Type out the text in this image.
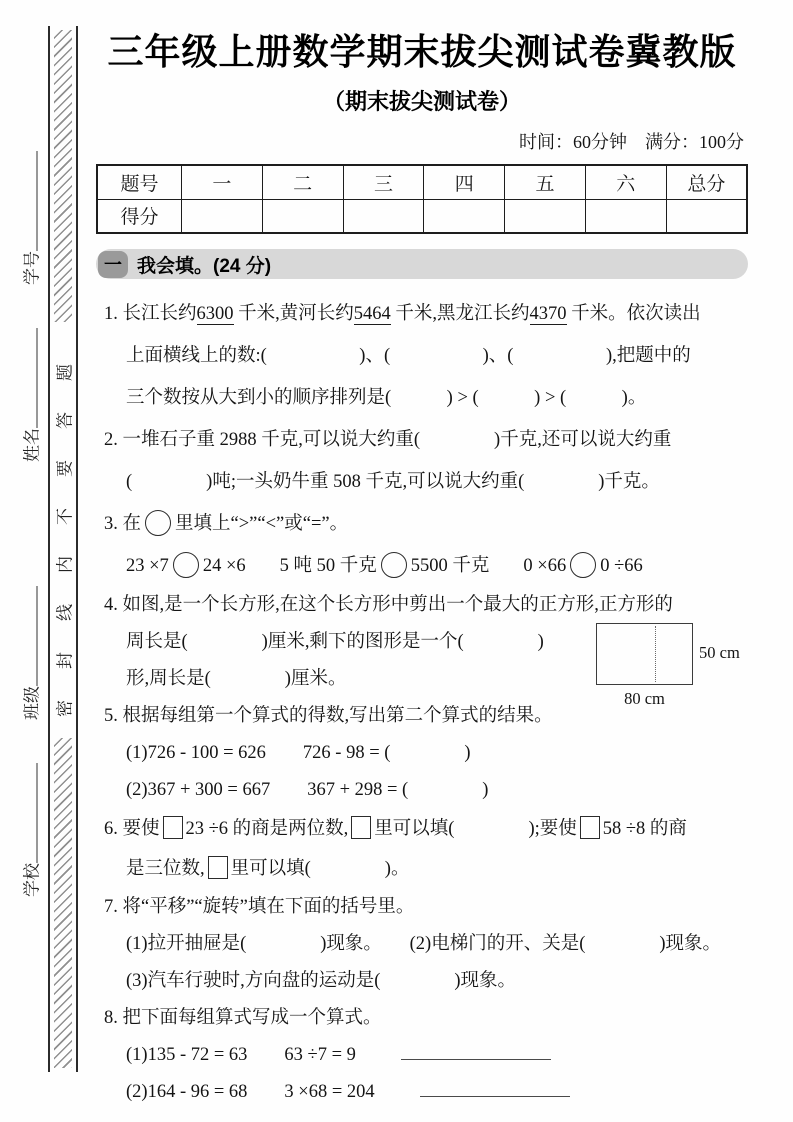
密封线内不要答题
学号
姓名
班级
学校
三年级上册数学期末拔尖测试卷冀教版
（期末拔尖测试卷）
时间：60分钟　满分：100分
题号	一	二	三	四	五	六	总分
得分							
一 我会填。(24 分)
1. 长江长约6300 千米,黄河长约5464 千米,黑龙江长约4370 千米。依次读出
上面横线上的数:(　　　　　)、(　　　　　)、(　　　　　),把题中的
三个数按从大到小的顺序排列是(　　　) > (　　　) > (　　　)。
2. 一堆石子重 2988 千克,可以说大约重(　　　　)千克,还可以说大约重
(　　　　)吨;一头奶牛重 508 千克,可以说大约重(　　　　)千克。
3. 在 里填上“>”“<”或“=”。
23 ×7 24 ×6 5 吨 50 千克 5500 千克 0 ×66 0 ÷66
4. 如图,是一个长方形,在这个长方形中剪出一个最大的正方形,正方形的
周长是(　　　　)厘米,剩下的图形是一个(　　　　)
形,周长是(　　　　)厘米。
50 cm
80 cm
5. 根据每组第一个算式的得数,写出第二个算式的结果。
(1)726 - 100 = 626　　726 - 98 = (　　　　)
(2)367 + 300 = 667　　367 + 298 = (　　　　)
6. 要使 23 ÷6 的商是两位数, 里可以填(　　　　);要使 58 ÷8 的商
是三位数, 里可以填(　　　　)。
7. 将“平移”“旋转”填在下面的括号里。
(1)拉开抽屉是(　　　　)现象。　　(2)电梯门的开、关是(　　　　)现象。
(3)汽车行驶时,方向盘的运动是(　　　　)现象。
8. 把下面每组算式写成一个算式。
(1)135 - 72 = 63　　63 ÷7 = 9
(2)164 - 96 = 68　　3 ×68 = 204
